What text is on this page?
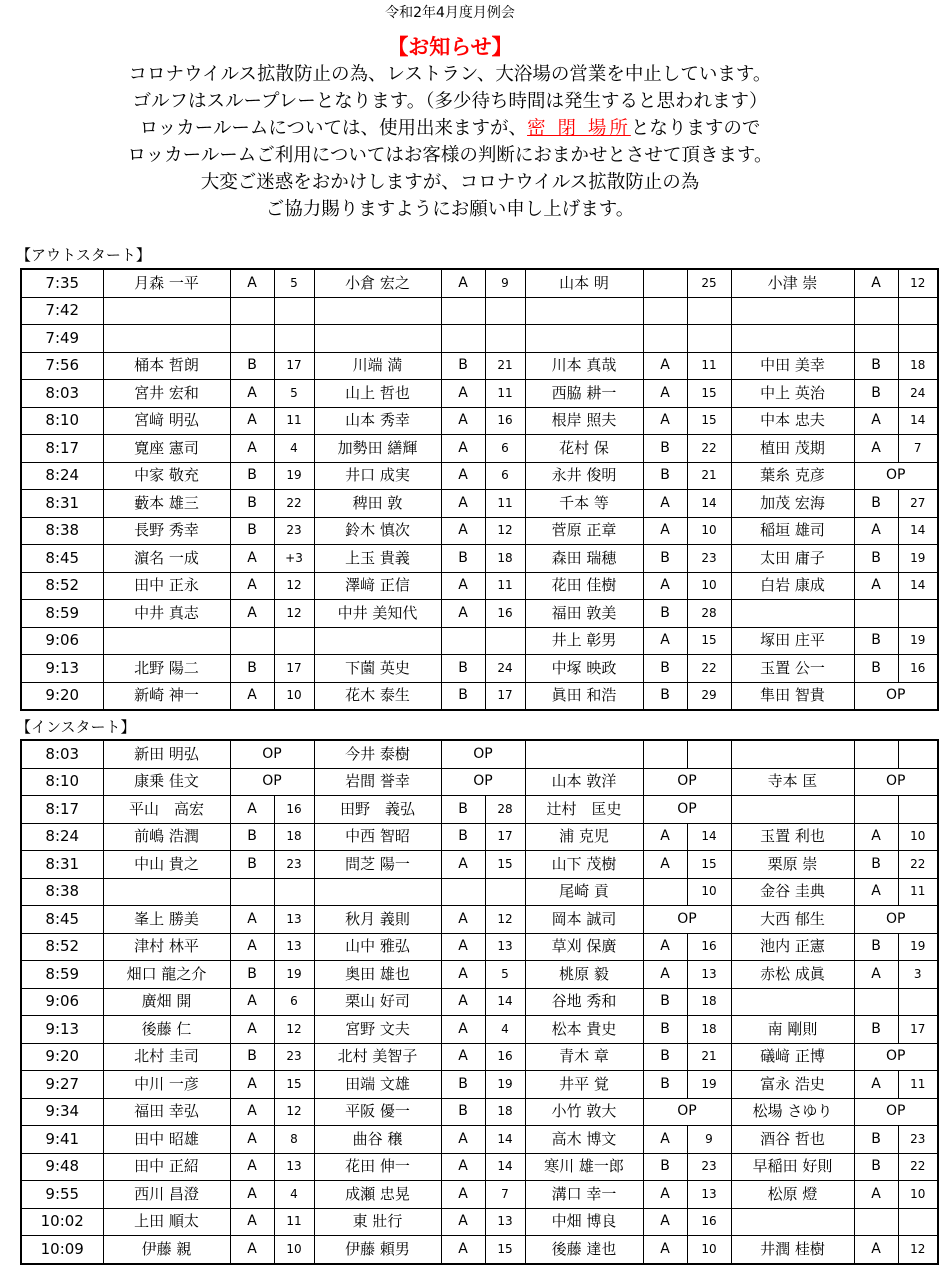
令和2年4月度月例会
【お知らせ】
コロナウイルス拡散防止の為、レストラン、大浴場の営業を中止しています。
ゴルフはスループレーとなります。（多少待ち時間は発生すると思われます）
ロッカールームについては、使用出来ますが、密 閉 場所となりますので
ロッカールームご利用についてはお客様の判断におまかせとさせて頂きます。
大変ご迷惑をおかけしますが、コロナウイルス拡散防止の為
ご協力賜りますようにお願い申し上げます。
【アウトスタート】
7:35	月森 一平	A	5	小倉 宏之	A	9	山本 明		25	小津 崇	A	12
7:42												
7:49												
7:56	桶本 哲朗	B	17	川端 満	B	21	川本 真哉	A	11	中田 美幸	B	18
8:03	宮井 宏和	A	5	山上 哲也	A	11	西脇 耕一	A	15	中上 英治	B	24
8:10	宮﨑 明弘	A	11	山本 秀幸	A	16	根岸 照夫	A	15	中本 忠夫	A	14
8:17	寛座 憲司	A	4	加勢田 繕輝	A	6	花村 保	B	22	植田 茂期	A	7
8:24	中家 敬充	B	19	井口 成実	A	6	永井 俊明	B	21	葉糸 克彦	OP	
8:31	藪本 雄三	B	22	稗田 敦	A	11	千本 等	A	14	加茂 宏海	B	27
8:38	長野 秀幸	B	23	鈴木 慎次	A	12	菅原 正章	A	10	稲垣 雄司	A	14
8:45	濵名 一成	A	+3	上玉 貴義	B	18	森田 瑞穂	B	23	太田 庸子	B	19
8:52	田中 正永	A	12	澤﨑 正信	A	11	花田 佳樹	A	10	白岩 康成	A	14
8:59	中井 真志	A	12	中井 美知代	A	16	福田 敦美	B	28			
9:06							井上 彰男	A	15	塚田 庄平	B	19
9:13	北野 陽二	B	17	下薗 英史	B	24	中塚 映政	B	22	玉置 公一	B	16
9:20	新崎 神一	A	10	花木 泰生	B	17	眞田 和浩	B	29	隼田 智貴	OP	
【インスタート】
8:03	新田 明弘	OP		今井 泰樹	OP							
8:10	康乗 佳文	OP		岩間 誉幸	OP		山本 敦洋	OP		寺本 匡	OP	
8:17	平山　高宏	A	16	田野　義弘	B	28	辻村　匡史	OP				
8:24	前嶋 浩潤	B	18	中西 智昭	B	17	浦 克児	A	14	玉置 利也	A	10
8:31	中山 貴之	B	23	問芝 陽一	A	15	山下 茂樹	A	15	栗原 崇	B	22
8:38							尾崎 貢		10	金谷 圭典	A	11
8:45	峯上 勝美	A	13	秋月 義則	A	12	岡本 誠司	OP		大西 郁生	OP	
8:52	津村 林平	A	13	山中 雅弘	A	13	草刈 保廣	A	16	池内 正憲	B	19
8:59	畑口 龍之介	B	19	奥田 雄也	A	5	桃原 毅	A	13	赤松 成眞	A	3
9:06	廣畑 開	A	6	栗山 好司	A	14	谷地 秀和	B	18			
9:13	後藤 仁	A	12	宮野 文夫	A	4	松本 貴史	B	18	南 剛則	B	17
9:20	北村 圭司	B	23	北村 美智子	A	16	青木 章	B	21	礒﨑 正博	OP	
9:27	中川 一彦	A	15	田端 文雄	B	19	井平 覚	B	19	富永 浩史	A	11
9:34	福田 幸弘	A	12	平阪 優一	B	18	小竹 敦大	OP		松場 さゆり	OP	
9:41	田中 昭雄	A	8	曲谷 穣	A	14	高木 博文	A	9	酒谷 哲也	B	23
9:48	田中 正紹	A	13	花田 伸一	A	14	寒川 雄一郎	B	23	早稲田 好則	B	22
9:55	西川 昌澄	A	4	成瀬 忠晃	A	7	溝口 幸一	A	13	松原 燈	A	10
10:02	上田 順太	A	11	東 壯行	A	13	中畑 博良	A	16			
10:09	伊藤 親	A	10	伊藤 頼男	A	15	後藤 達也	A	10	井潤 桂樹	A	12
